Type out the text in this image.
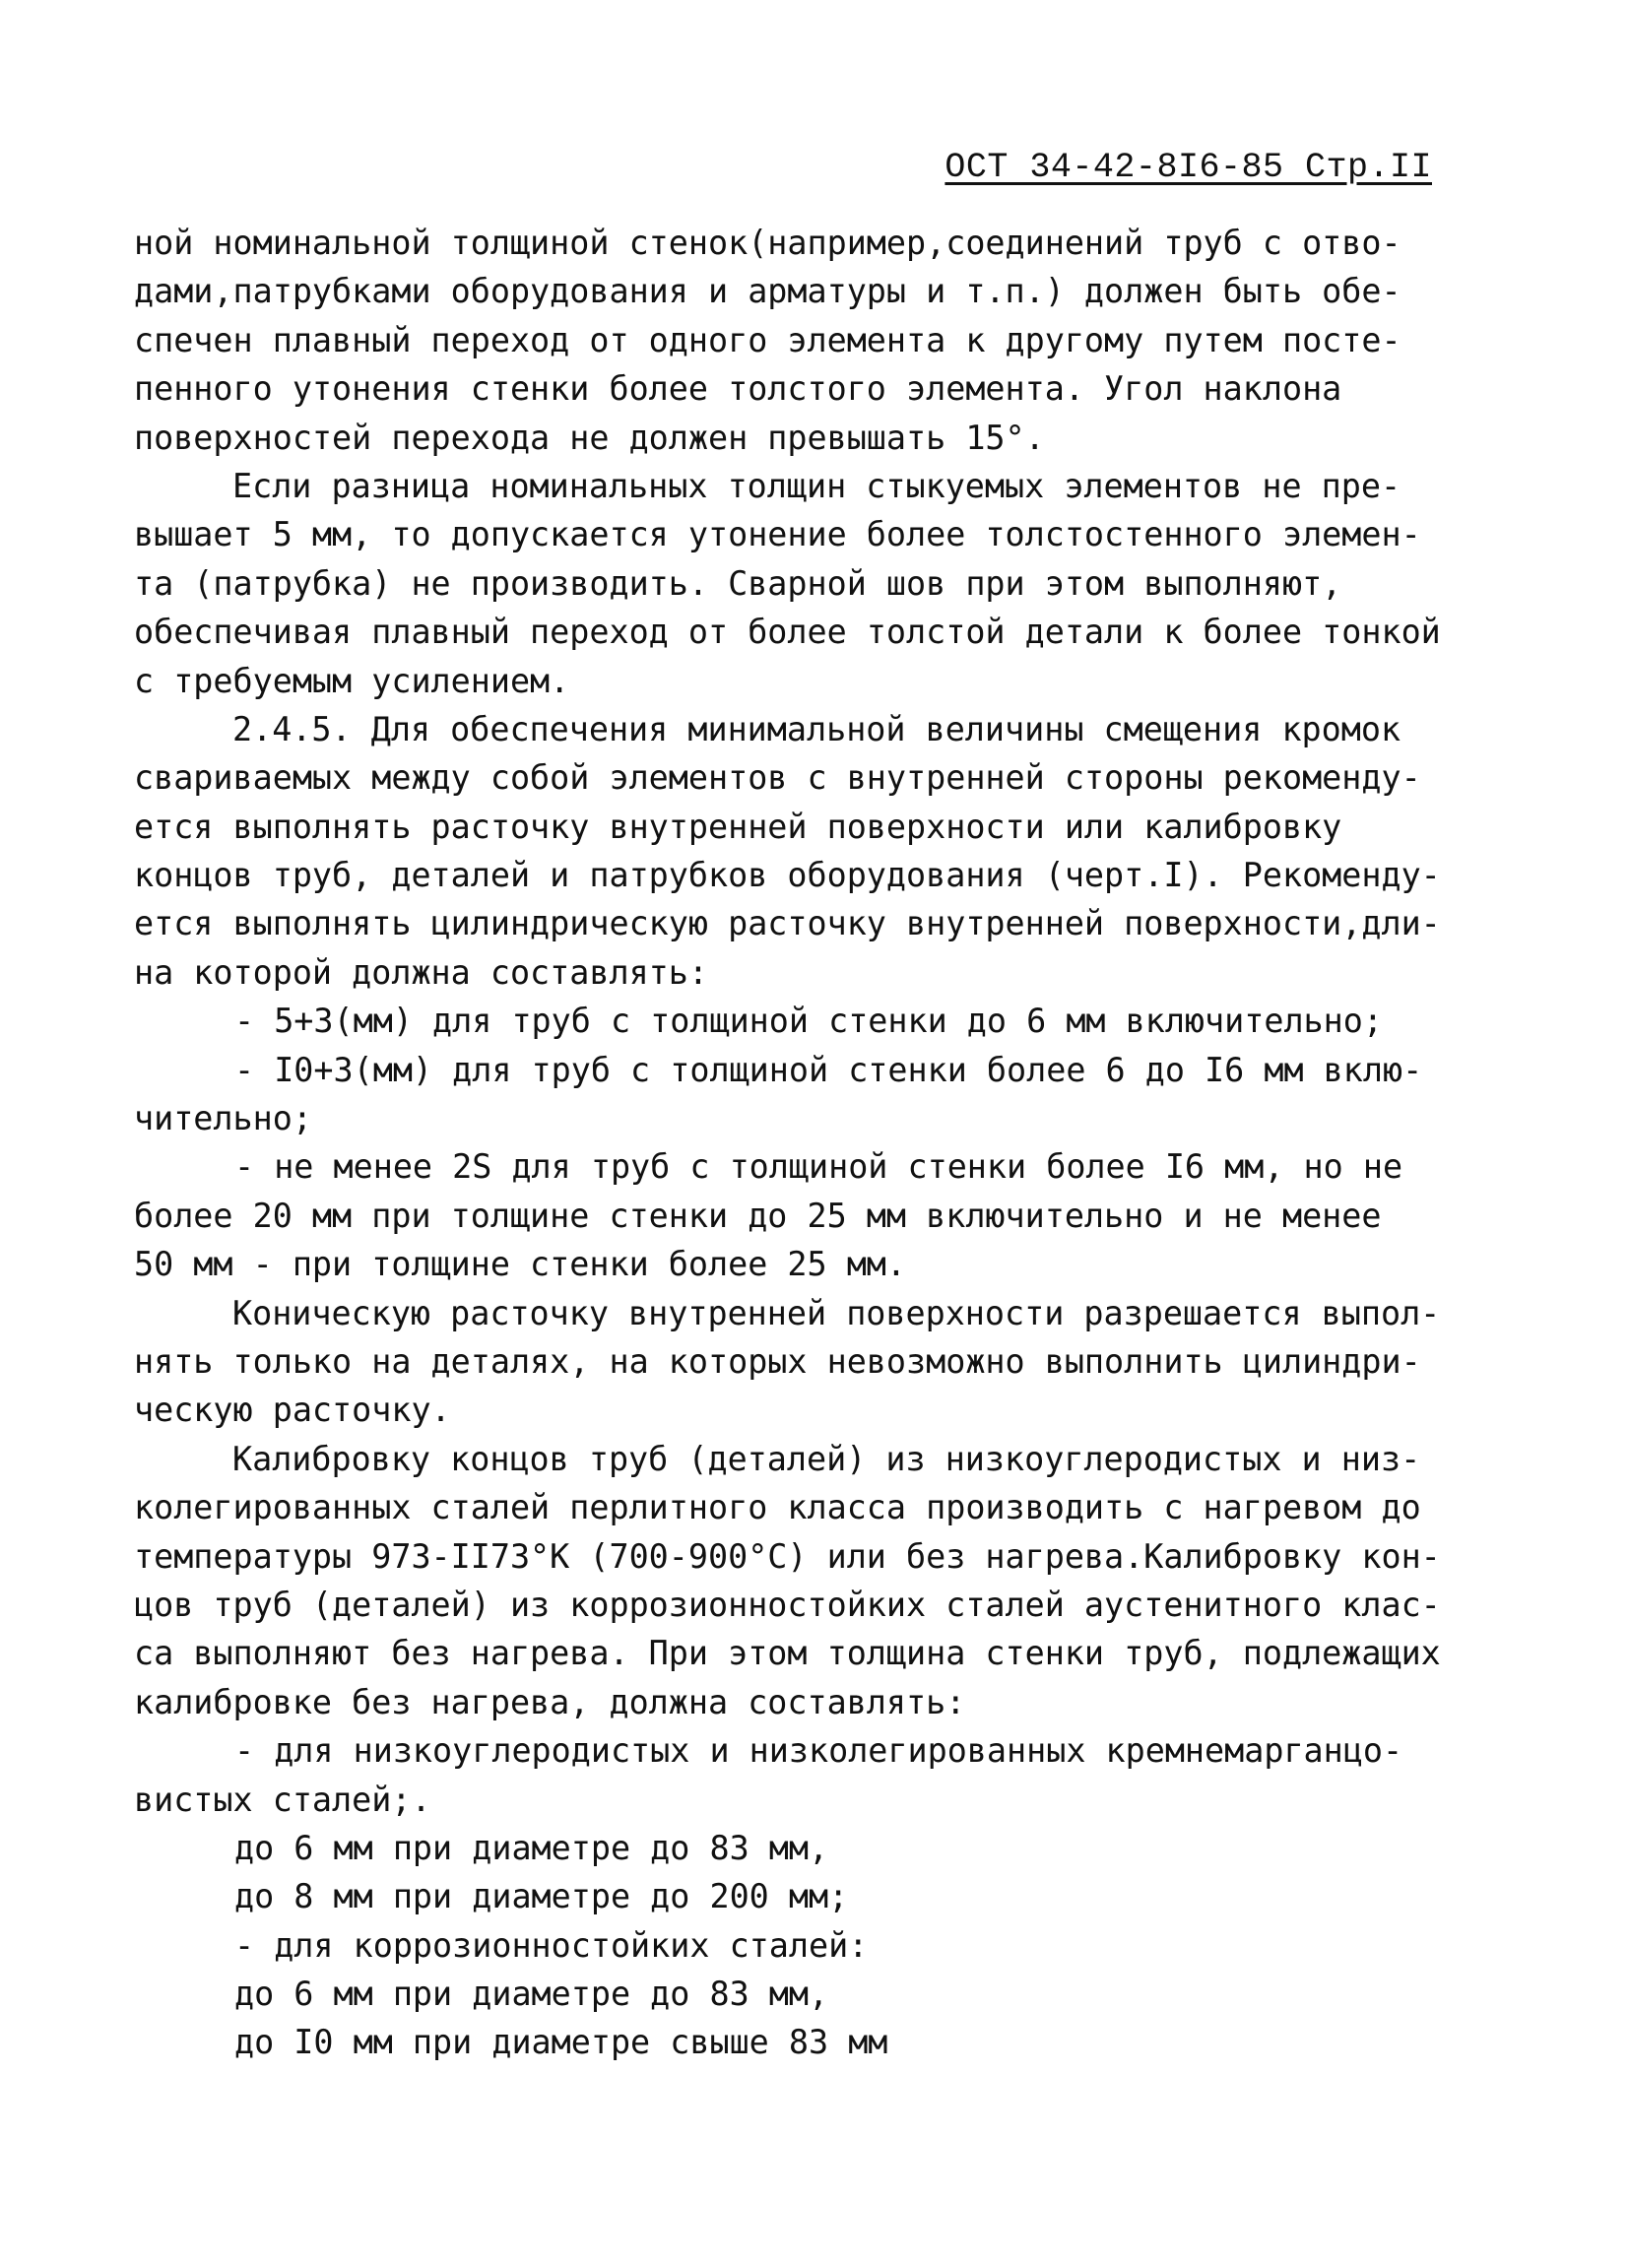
ОСТ 34-42-8I6-85 Стр.II
ной номинальной толщиной стенок(например,соединений труб с отво-
дами,патрубками оборудования и арматуры и т.п.) должен быть обе-
спечен плавный переход от одного элемента к другому путем посте-
пенного утонения стенки более толстого элемента. Угол наклона
поверхностей перехода не должен превышать 15°.
Если разница номинальных толщин стыкуемых элементов не пре-
вышает 5 мм, то допускается утонение более толстостенного элемен-
та (патрубка) не производить. Сварной шов при этом выполняют,
обеспечивая плавный переход от более толстой детали к более тонкой
с требуемым усилением.
2.4.5. Для обеспечения минимальной величины смещения кромок
свариваемых между собой элементов с внутренней стороны рекоменду-
ется выполнять расточку внутренней поверхности или калибровку
концов труб, деталей и патрубков оборудования (черт.I). Рекоменду-
ется выполнять цилиндрическую расточку внутренней поверхности,дли-
на которой должна составлять:
- 5+3(мм) для труб с толщиной стенки до 6 мм включительно;
- I0+3(мм) для труб с толщиной стенки более 6 до I6 мм вклю-
чительно;
- не менее 2S для труб с толщиной стенки более I6 мм, но не
более 20 мм при толщине стенки до 25 мм включительно и не менее
50 мм - при толщине стенки более 25 мм.
Коническую расточку внутренней поверхности разрешается выпол-
нять только на деталях, на которых невозможно выполнить цилиндри-
ческую расточку.
Калибровку концов труб (деталей) из низкоуглеродистых и низ-
колегированных сталей перлитного класса производить с нагревом до
температуры 973-II73°К (700-900°С) или без нагрева.Калибровку кон-
цов труб (деталей) из коррозионностойких сталей аустенитного клас-
са выполняют без нагрева. При этом толщина стенки труб, подлежащих
калибровке без нагрева, должна составлять:
- для низкоуглеродистых и низколегированных кремнемарганцо-
вистых сталей;.
до 6 мм при диаметре до 83 мм,
до 8 мм при диаметре до 200 мм;
- для коррозионностойких сталей:
до 6 мм при диаметре до 83 мм,
до I0 мм при диаметре свыше 83 мм
